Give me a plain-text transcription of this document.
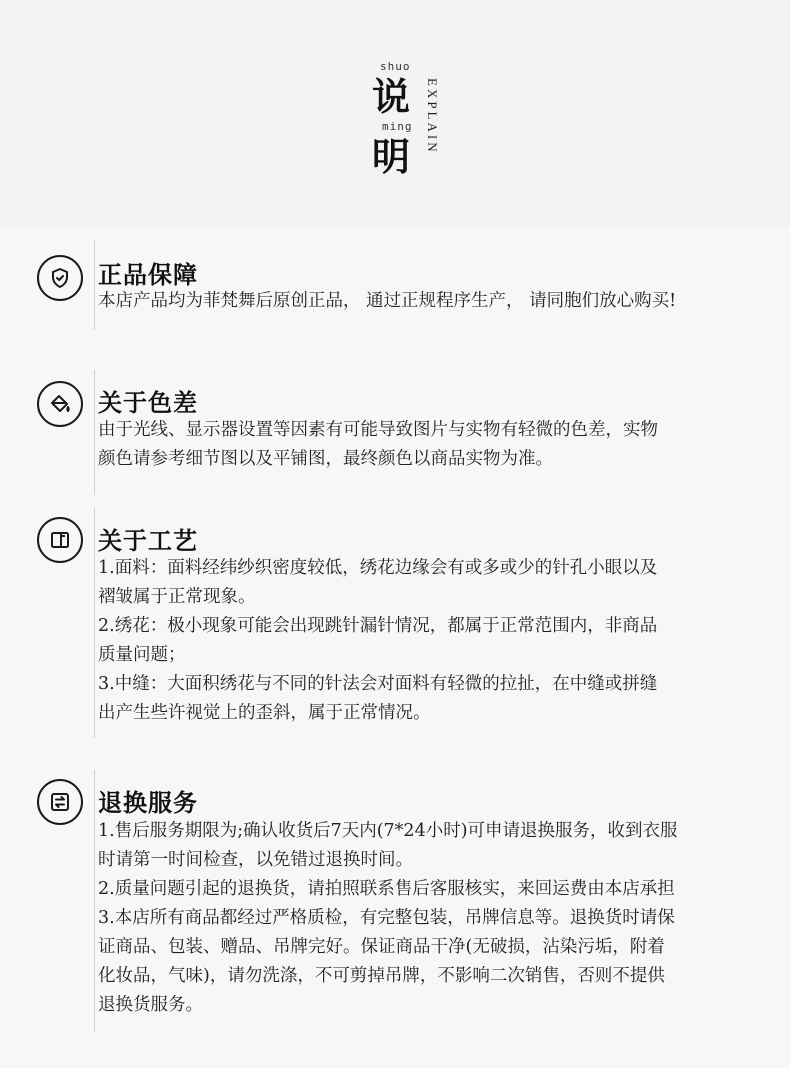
shuo
说
ming
明
EXPLAIN
正品保障

本店产品均为菲梵舞后原创正品， 通过正规程序生产， 请同胞们放心购买!

关于色差

由于光线、显示器设置等因素有可能导致图片与实物有轻微的色差，实物

颜色请参考细节图以及平铺图，最终颜色以商品实物为准。

关于工艺

1.面料：面料经纬纱织密度较低，绣花边缘会有或多或少的针孔小眼以及

褶皱属于正常现象。

2.绣花：极小现象可能会出现跳针漏针情况，都属于正常范围内，非商品

质量问题；

3.中缝：大面积绣花与不同的针法会对面料有轻微的拉扯，在中缝或拼缝

出产生些许视觉上的歪斜，属于正常情况。

退换服务

1.售后服务期限为;确认收货后7天内(7*24小时)可申请退换服务，收到衣服

时请第一时间检查，以免错过退换时间。

2.质量问题引起的退换货，请拍照联系售后客服核实，来回运费由本店承担

3.本店所有商品都经过严格质检，有完整包装，吊牌信息等。退换货时请保

证商品、包装、赠品、吊牌完好。保证商品干净(无破损，沾染污垢，附着

化妆品，气味)，请勿洗涤，不可剪掉吊牌，不影响二次销售，否则不提供

退换货服务。
